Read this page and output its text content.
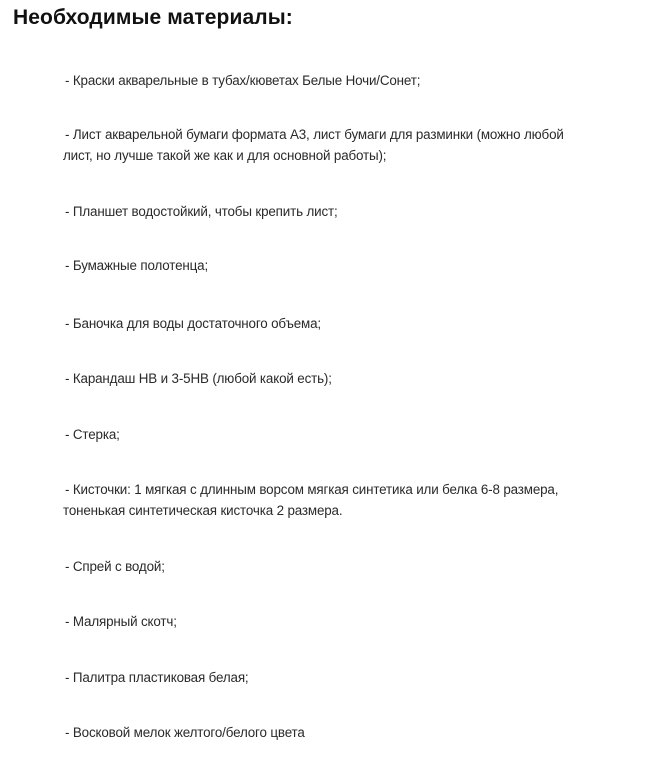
Необходимые материалы:

- Краски акварельные в тубах/кюветах Белые Ночи/Сонет;

- Лист акварельной бумаги формата А3, лист бумаги для разминки (можно любой
лист, но лучше такой же как и для основной работы);

- Планшет водостойкий, чтобы крепить лист;

- Бумажные полотенца;

- Баночка для воды достаточного объема;

- Карандаш НВ и 3-5НВ (любой какой есть);

- Стерка;

- Кисточки: 1 мягкая с длинным ворсом мягкая синтетика или белка 6-8 размера,
тоненькая синтетическая кисточка 2 размера.

- Спрей с водой;

- Малярный скотч;

- Палитра пластиковая белая;

- Восковой мелок желтого/белого цвета
